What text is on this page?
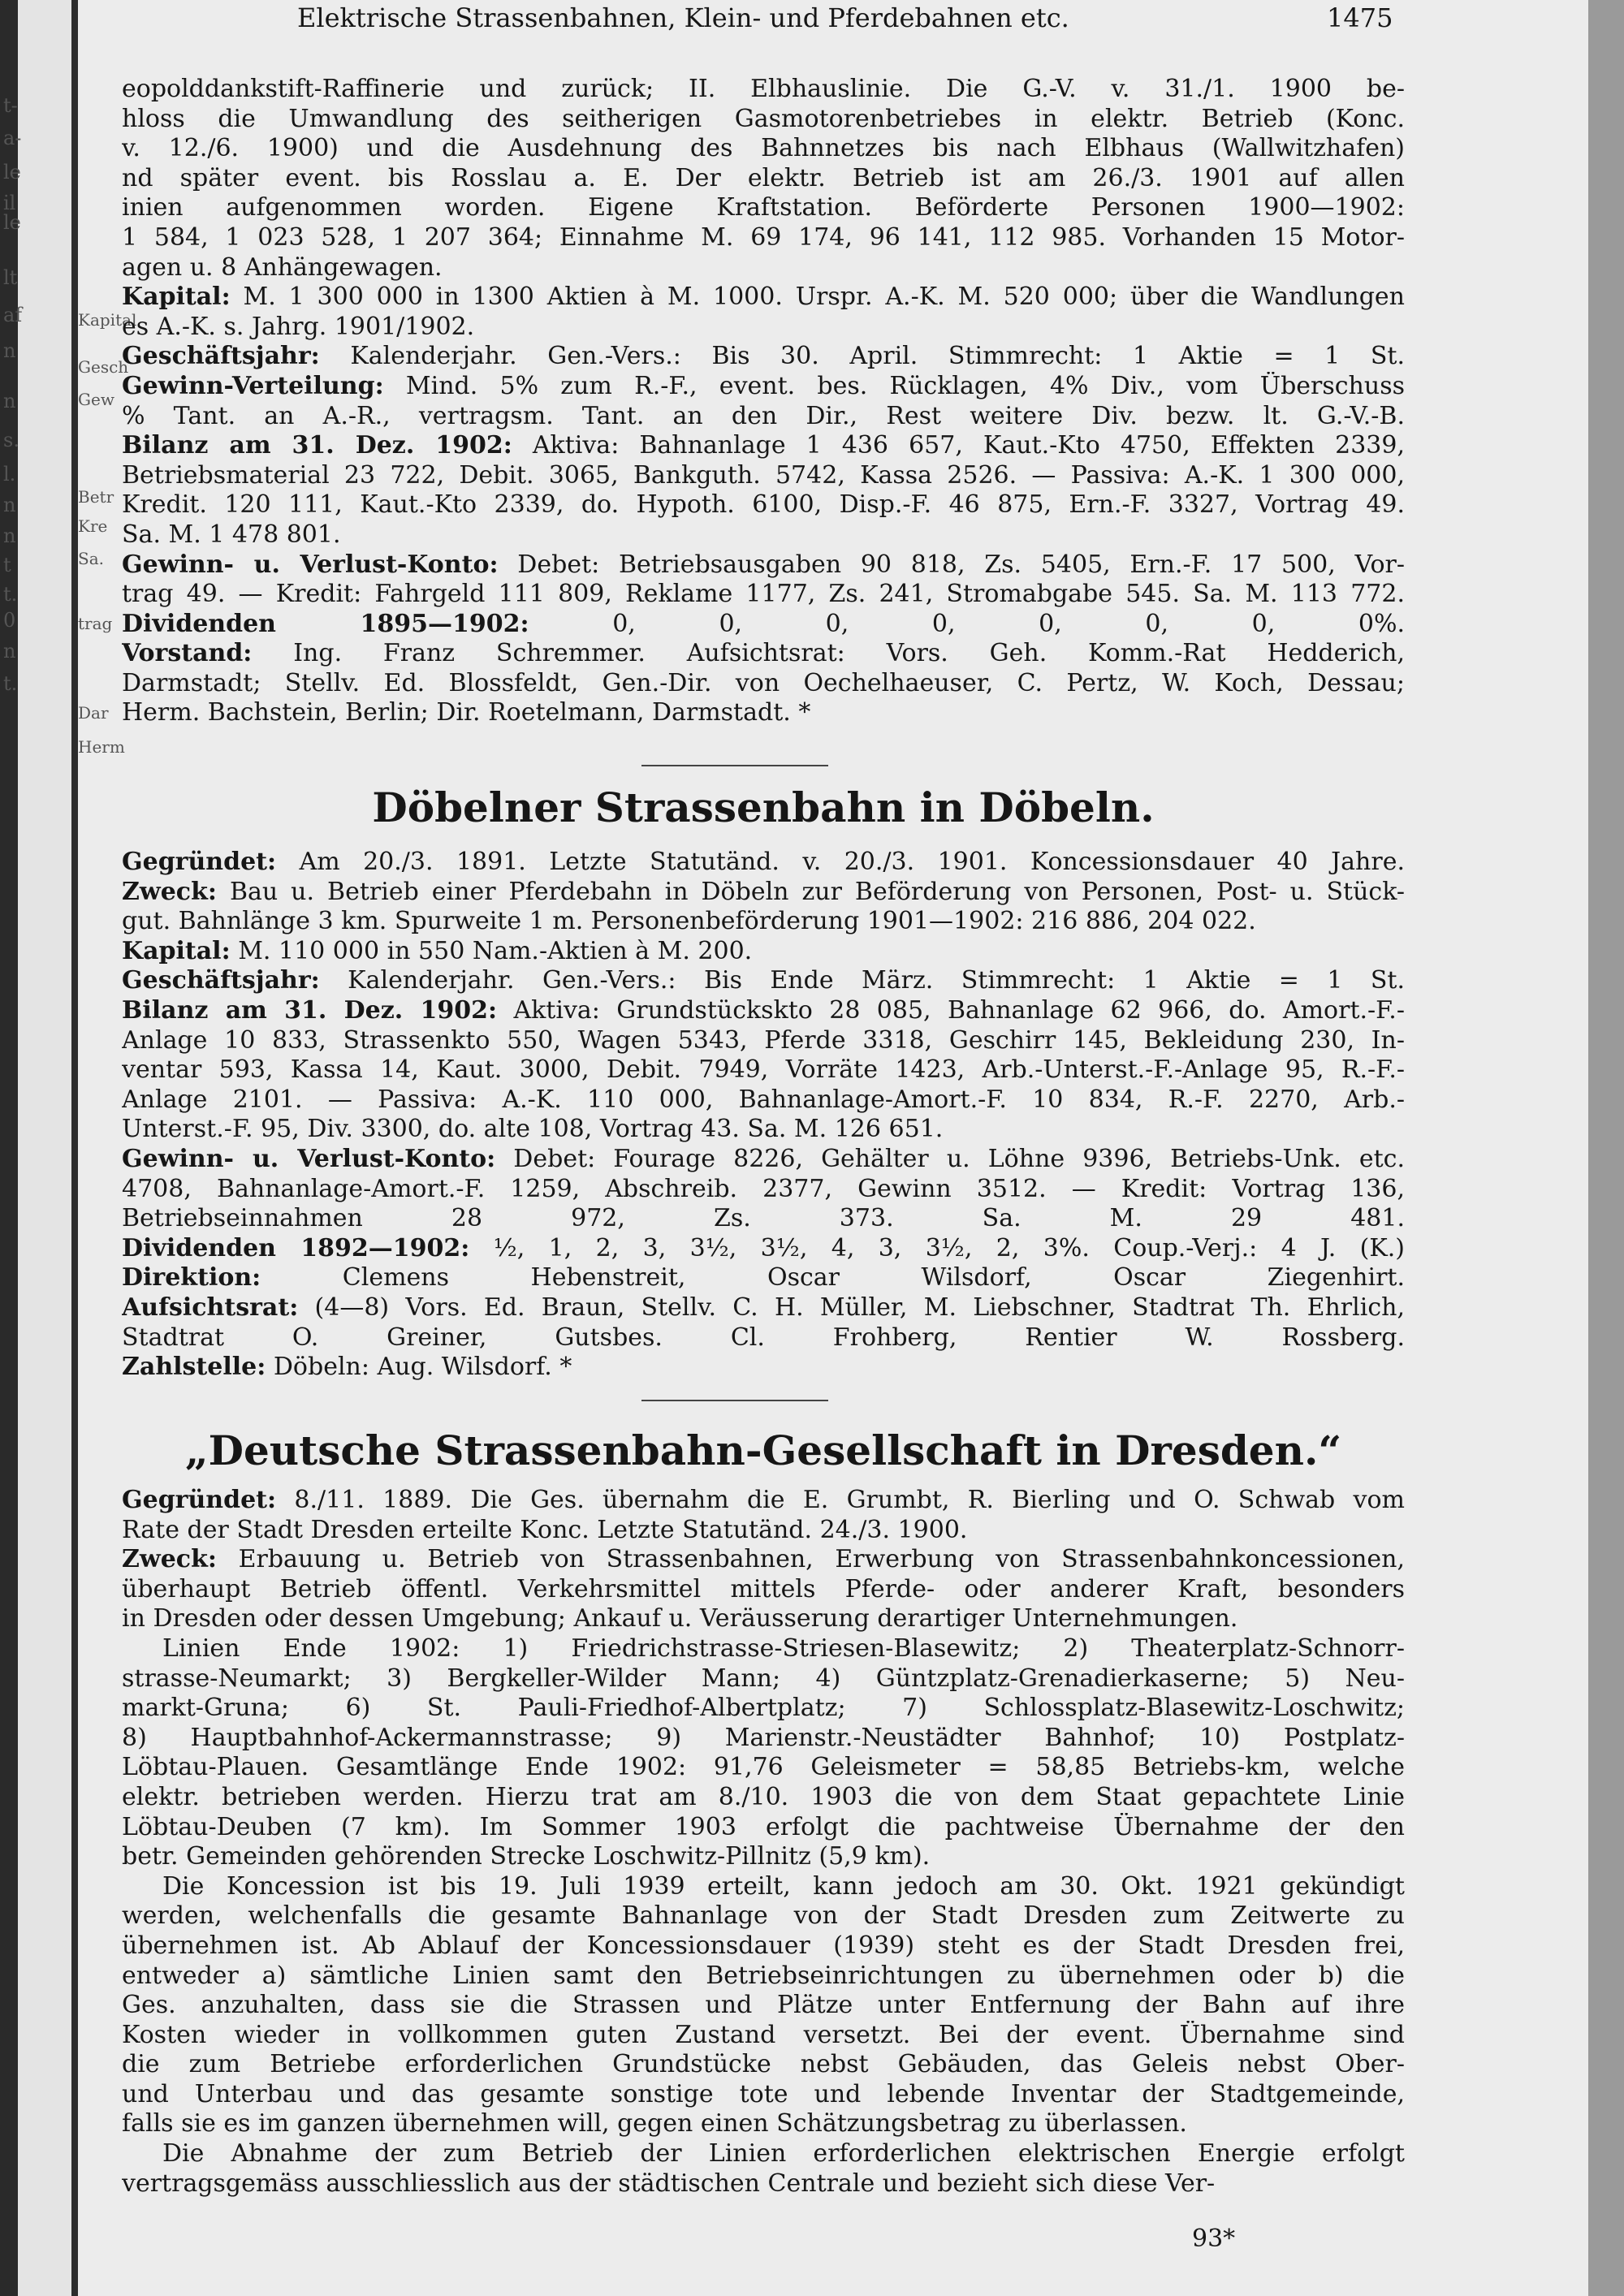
Elektrische Strassenbahnen, Klein- und Pferdebahnen etc.	1475
t-
a-
le
il
le
lt
af
n
n
s.
l.
n
n
t
t.
0
n
t.
Kapital
Gesch
Gew
Betr
Kre
Sa.
trag
Dar
Herm
eopolddankstift-Raffinerie und zurück; II. Elbhauslinie. Die G.-V. v. 31./1. 1900 be-
hloss die Umwandlung des seitherigen Gasmotorenbetriebes in elektr. Betrieb (Konc.
v. 12./6. 1900) und die Ausdehnung des Bahnnetzes bis nach Elbhaus (Wallwitzhafen)
nd später event. bis Rosslau a. E. Der elektr. Betrieb ist am 26./3. 1901 auf allen
inien aufgenommen worden. Eigene Kraftstation. Beförderte Personen 1900—1902:
1 584, 1 023 528, 1 207 364; Einnahme M. 69 174, 96 141, 112 985. Vorhanden 15 Motor-
agen u. 8 Anhängewagen.
Kapital: M. 1 300 000 in 1300 Aktien à M. 1000. Urspr. A.-K. M. 520 000; über die Wandlungen
es A.-K. s. Jahrg. 1901/1902.
Geschäftsjahr: Kalenderjahr. Gen.-Vers.: Bis 30. April. Stimmrecht: 1 Aktie = 1 St.
Gewinn-Verteilung: Mind. 5% zum R.-F., event. bes. Rücklagen, 4% Div., vom Überschuss
% Tant. an A.-R., vertragsm. Tant. an den Dir., Rest weitere Div. bezw. lt. G.-V.-B.
Bilanz am 31. Dez. 1902: Aktiva: Bahnanlage 1 436 657, Kaut.-Kto 4750, Effekten 2339,
Betriebsmaterial 23 722, Debit. 3065, Bankguth. 5742, Kassa 2526. — Passiva: A.-K. 1 300 000,
Kredit. 120 111, Kaut.-Kto 2339, do. Hypoth. 6100, Disp.-F. 46 875, Ern.-F. 3327, Vortrag 49.
Sa. M. 1 478 801.
Gewinn- u. Verlust-Konto: Debet: Betriebsausgaben 90 818, Zs. 5405, Ern.-F. 17 500, Vor-
trag 49. — Kredit: Fahrgeld 111 809, Reklame 1177, Zs. 241, Stromabgabe 545. Sa. M. 113 772.
Dividenden 1895—1902: 0, 0, 0, 0, 0, 0, 0, 0%.
Vorstand: Ing. Franz Schremmer. Aufsichtsrat: Vors. Geh. Komm.-Rat Hedderich,
Darmstadt; Stellv. Ed. Blossfeldt, Gen.-Dir. von Oechelhaeuser, C. Pertz, W. Koch, Dessau;
Herm. Bachstein, Berlin; Dir. Roetelmann, Darmstadt. *
Döbelner Strassenbahn in Döbeln.
Gegründet: Am 20./3. 1891. Letzte Statutänd. v. 20./3. 1901. Koncessionsdauer 40 Jahre.
Zweck: Bau u. Betrieb einer Pferdebahn in Döbeln zur Beförderung von Personen, Post- u. Stück-
gut. Bahnlänge 3 km. Spurweite 1 m. Personenbeförderung 1901—1902: 216 886, 204 022.
Kapital: M. 110 000 in 550 Nam.-Aktien à M. 200.
Geschäftsjahr: Kalenderjahr. Gen.-Vers.: Bis Ende März. Stimmrecht: 1 Aktie = 1 St.
Bilanz am 31. Dez. 1902: Aktiva: Grundstückskto 28 085, Bahnanlage 62 966, do. Amort.-F.-
Anlage 10 833, Strassenkto 550, Wagen 5343, Pferde 3318, Geschirr 145, Bekleidung 230, In-
ventar 593, Kassa 14, Kaut. 3000, Debit. 7949, Vorräte 1423, Arb.-Unterst.-F.-Anlage 95, R.-F.-
Anlage 2101. — Passiva: A.-K. 110 000, Bahnanlage-Amort.-F. 10 834, R.-F. 2270, Arb.-
Unterst.-F. 95, Div. 3300, do. alte 108, Vortrag 43. Sa. M. 126 651.
Gewinn- u. Verlust-Konto: Debet: Fourage 8226, Gehälter u. Löhne 9396, Betriebs-Unk. etc.
4708, Bahnanlage-Amort.-F. 1259, Abschreib. 2377, Gewinn 3512. — Kredit: Vortrag 136,
Betriebseinnahmen 28 972, Zs. 373. Sa. M. 29 481.
Dividenden 1892—1902: ½, 1, 2, 3, 3½, 3½, 4, 3, 3½, 2, 3%. Coup.-Verj.: 4 J. (K.)
Direktion: Clemens Hebenstreit, Oscar Wilsdorf, Oscar Ziegenhirt.
Aufsichtsrat: (4—8) Vors. Ed. Braun, Stellv. C. H. Müller, M. Liebschner, Stadtrat Th. Ehrlich,
Stadtrat O. Greiner, Gutsbes. Cl. Frohberg, Rentier W. Rossberg.
Zahlstelle: Döbeln: Aug. Wilsdorf. *
„Deutsche Strassenbahn-Gesellschaft in Dresden.“
Gegründet: 8./11. 1889. Die Ges. übernahm die E. Grumbt, R. Bierling und O. Schwab vom
Rate der Stadt Dresden erteilte Konc. Letzte Statutänd. 24./3. 1900.
Zweck: Erbauung u. Betrieb von Strassenbahnen, Erwerbung von Strassenbahnkoncessionen,
überhaupt Betrieb öffentl. Verkehrsmittel mittels Pferde- oder anderer Kraft, besonders
in Dresden oder dessen Umgebung; Ankauf u. Veräusserung derartiger Unternehmungen.
Linien Ende 1902: 1) Friedrichstrasse-Striesen-Blasewitz; 2) Theaterplatz-Schnorr-
strasse-Neumarkt; 3) Bergkeller-Wilder Mann; 4) Güntzplatz-Grenadierkaserne; 5) Neu-
markt-Gruna; 6) St. Pauli-Friedhof-Albertplatz; 7) Schlossplatz-Blasewitz-Loschwitz;
8) Hauptbahnhof-Ackermannstrasse; 9) Marienstr.-Neustädter Bahnhof; 10) Postplatz-
Löbtau-Plauen. Gesamtlänge Ende 1902: 91,76 Geleismeter = 58,85 Betriebs-km, welche
elektr. betrieben werden. Hierzu trat am 8./10. 1903 die von dem Staat gepachtete Linie
Löbtau-Deuben (7 km). Im Sommer 1903 erfolgt die pachtweise Übernahme der den
betr. Gemeinden gehörenden Strecke Loschwitz-Pillnitz (5,9 km).
Die Koncession ist bis 19. Juli 1939 erteilt, kann jedoch am 30. Okt. 1921 gekündigt
werden, welchenfalls die gesamte Bahnanlage von der Stadt Dresden zum Zeitwerte zu
übernehmen ist. Ab Ablauf der Koncessionsdauer (1939) steht es der Stadt Dresden frei,
entweder a) sämtliche Linien samt den Betriebseinrichtungen zu übernehmen oder b) die
Ges. anzuhalten, dass sie die Strassen und Plätze unter Entfernung der Bahn auf ihre
Kosten wieder in vollkommen guten Zustand versetzt. Bei der event. Übernahme sind
die zum Betriebe erforderlichen Grundstücke nebst Gebäuden, das Geleis nebst Ober-
und Unterbau und das gesamte sonstige tote und lebende Inventar der Stadtgemeinde,
falls sie es im ganzen übernehmen will, gegen einen Schätzungsbetrag zu überlassen.
Die Abnahme der zum Betrieb der Linien erforderlichen elektrischen Energie erfolgt
vertragsgemäss ausschliesslich aus der städtischen Centrale und bezieht sich diese Ver-
93*
